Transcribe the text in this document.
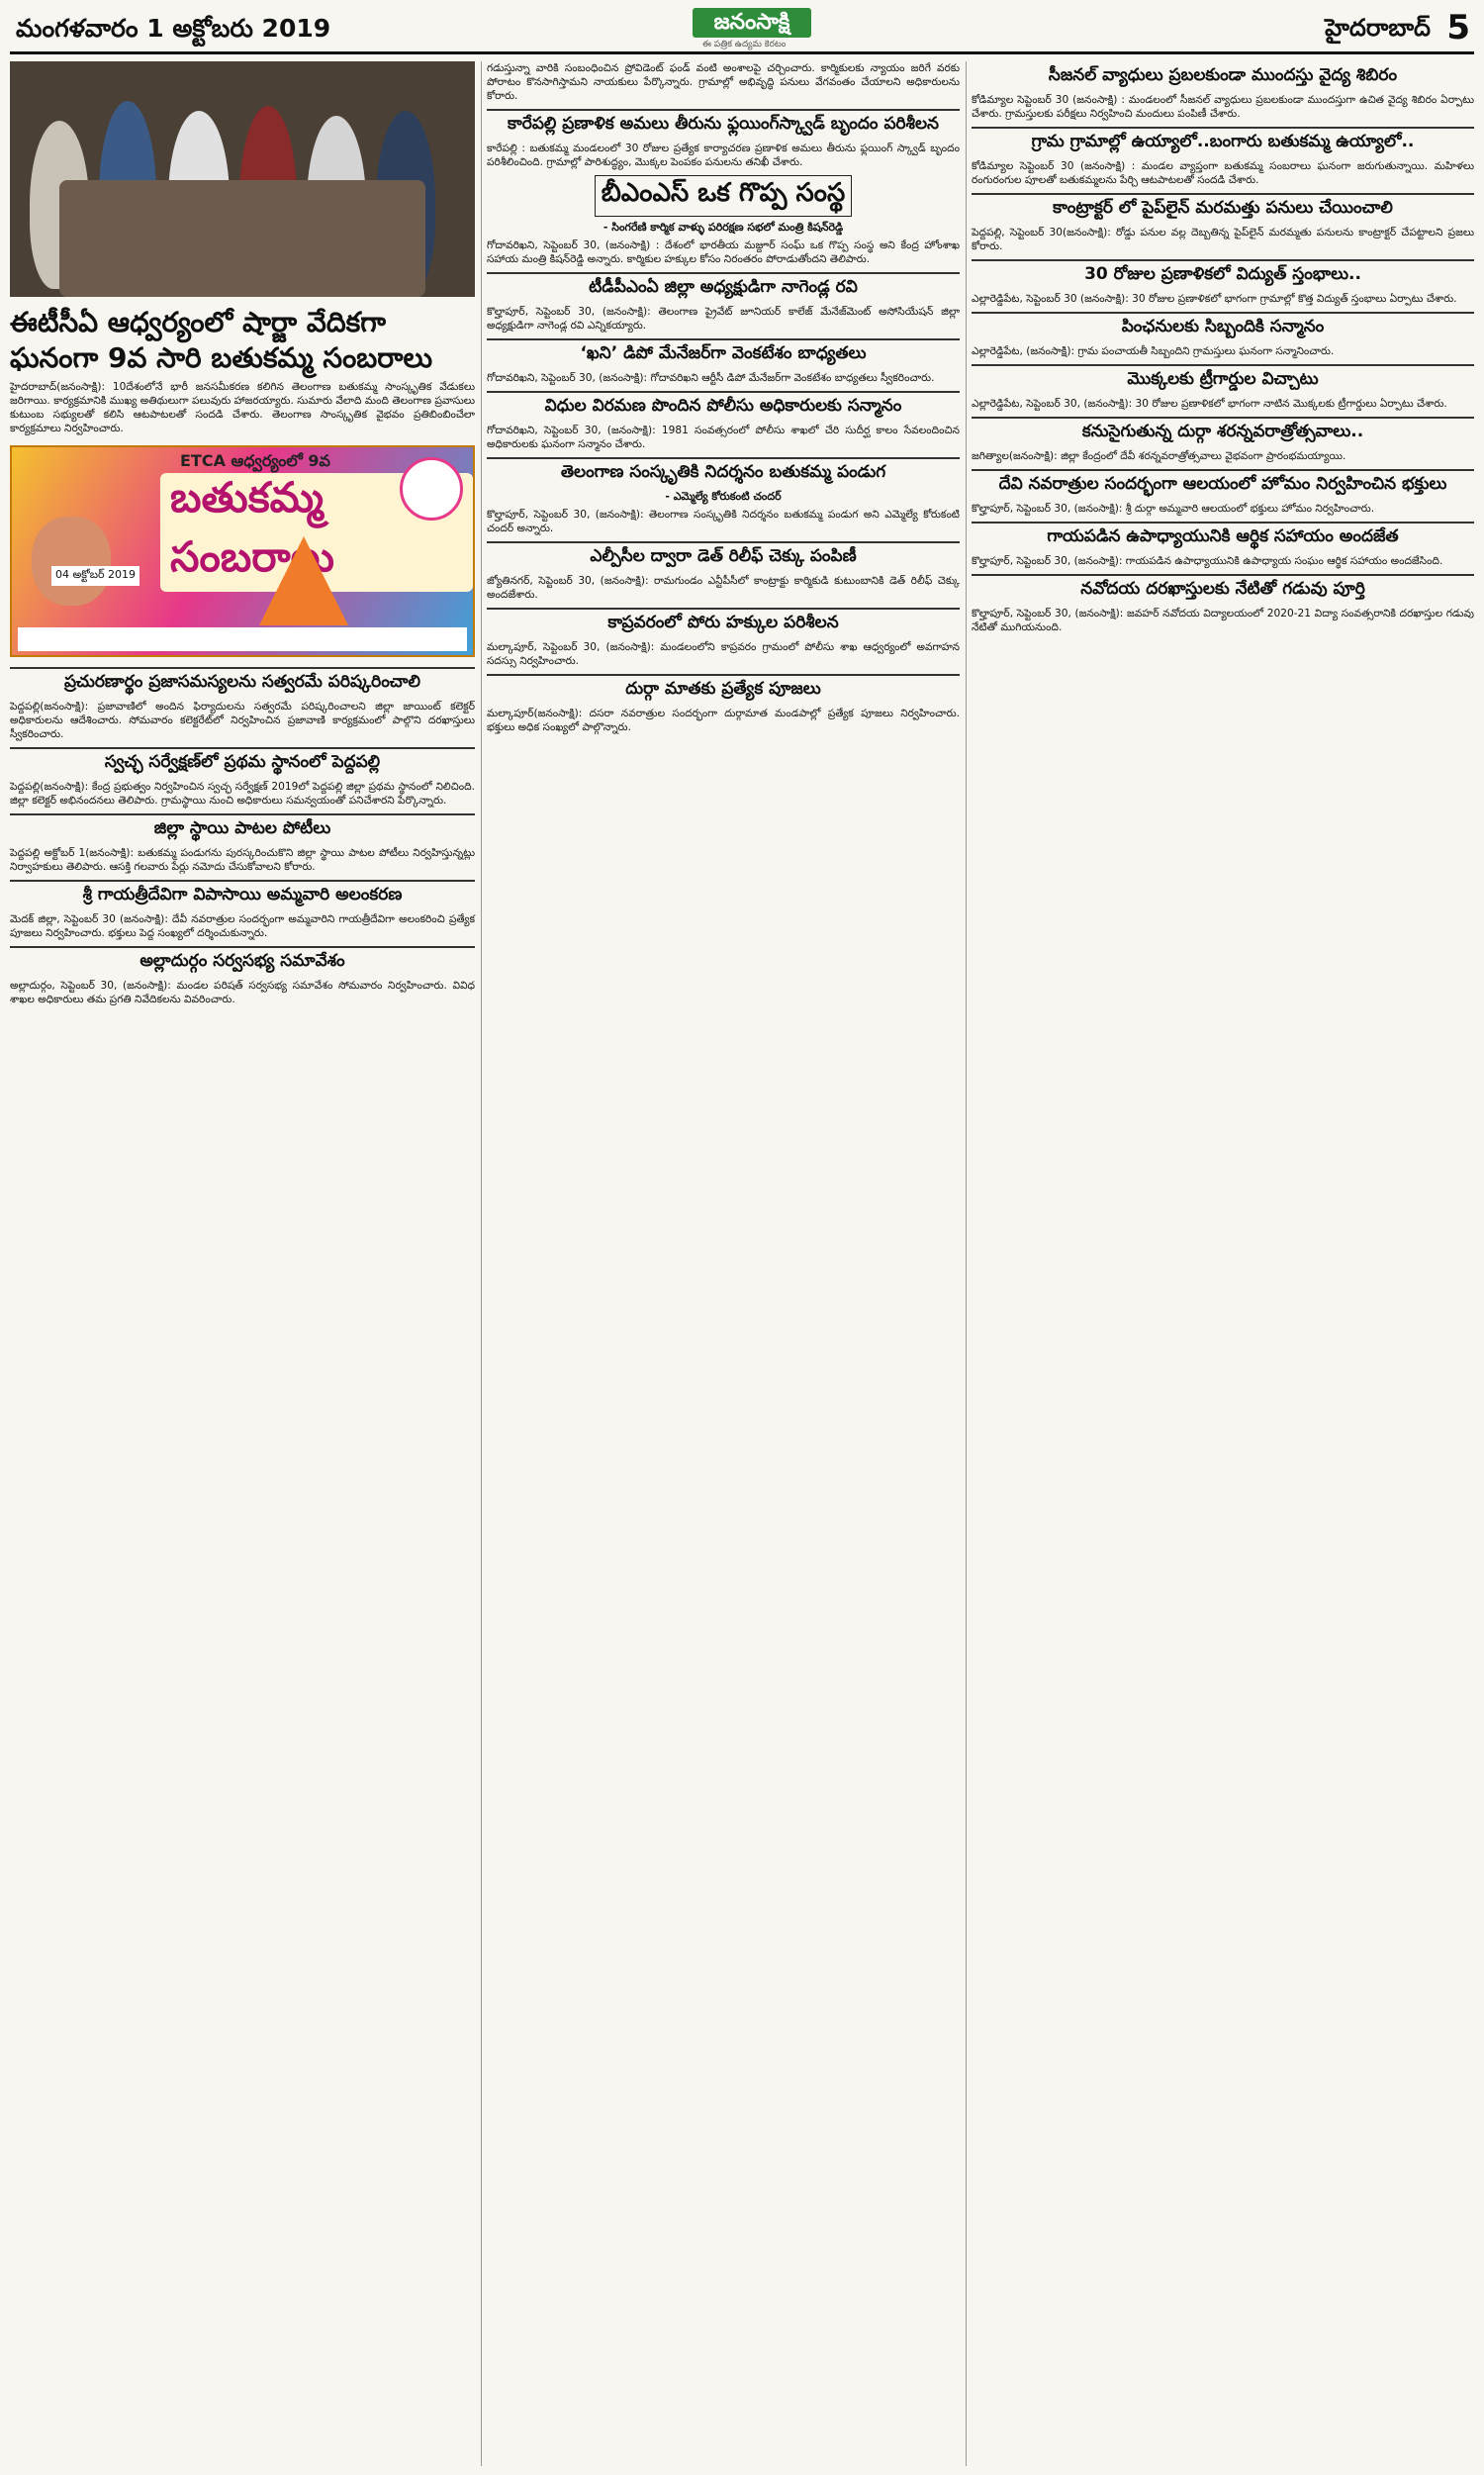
మంగళవారం 1 అక్టోబరు 2019	జనంసాక్షి
ఈ పత్రిక ఉద్యమ కెరటం
హైదరాబాద్ 5

ఈటీసీఏ ఆధ్వర్యంలో షార్జా వేదికగా ఘనంగా 9వ సారి బతుకమ్మ సంబరాలు

హైదరాబాద్(జనంసాక్షి): 10దేశంలోనే భారీ జనసమీకరణ కలిగిన తెలంగాణ బతుకమ్మ సాంస్కృతిక వేడుకలు జరిగాయి. కార్యక్రమానికి ముఖ్య అతిథులుగా పలువురు హాజరయ్యారు. సుమారు వేలాది మంది తెలంగాణ ప్రవాసులు కుటుంబ సభ్యులతో కలిసి ఆటపాటలతో సందడి చేశారు. తెలంగాణ సాంస్కృతిక వైభవం ప్రతిబింబించేలా కార్యక్రమాలు నిర్వహించారు.

ETCA ఆధ్వర్యంలో 9వ
బతుకమ్మ సంబరాలు
04 అక్టోబర్ 2019

ప్రచురణార్థం ప్రజాసమస్యలను సత్వరమే పరిష్కరించాలి

పెద్దపల్లి(జనంసాక్షి): ప్రజావాణిలో అందిన ఫిర్యాదులను సత్వరమే పరిష్కరించాలని జిల్లా జాయింట్ కలెక్టర్ అధికారులను ఆదేశించారు. సోమవారం కలెక్టరేట్‌లో నిర్వహించిన ప్రజావాణి కార్యక్రమంలో పాల్గొని దరఖాస్తులు స్వీకరించారు.

స్వచ్ఛ సర్వేక్షణ్‌లో ప్రథమ స్థానంలో పెద్దపల్లి

పెద్దపల్లి(జనంసాక్షి): కేంద్ర ప్రభుత్వం నిర్వహించిన స్వచ్ఛ సర్వేక్షణ్ 2019లో పెద్దపల్లి జిల్లా ప్రథమ స్థానంలో నిలిచింది. జిల్లా కలెక్టర్ అభినందనలు తెలిపారు. గ్రామస్థాయి నుంచి అధికారులు సమన్వయంతో పనిచేశారని పేర్కొన్నారు.

జిల్లా స్థాయి పాటల పోటీలు

పెద్దపల్లి అక్టోబర్ 1(జనంసాక్షి): బతుకమ్మ పండుగను పురస్కరించుకొని జిల్లా స్థాయి పాటల పోటీలు నిర్వహిస్తున్నట్లు నిర్వాహకులు తెలిపారు. ఆసక్తి గలవారు పేర్లు నమోదు చేసుకోవాలని కోరారు.

శ్రీ గాయత్రీదేవిగా విపాసాయి అమ్మవారి అలంకరణ

మెదక్ జిల్లా, సెప్టెంబర్ 30 (జనంసాక్షి): దేవీ నవరాత్రుల సందర్భంగా అమ్మవారిని గాయత్రీదేవిగా అలంకరించి ప్రత్యేక పూజలు నిర్వహించారు. భక్తులు పెద్ద సంఖ్యలో దర్శించుకున్నారు.

అల్లాదుర్గం సర్వసభ్య సమావేశం

అల్లాదుర్గం, సెప్టెంబర్ 30, (జనంసాక్షి): మండల పరిషత్ సర్వసభ్య సమావేశం సోమవారం నిర్వహించారు. వివిధ శాఖల అధికారులు తమ ప్రగతి నివేదికలను వివరించారు.

గడుస్తున్నా వారికి సంబంధించిన ప్రోవిడెంట్ ఫండ్ వంటి అంశాలపై చర్చించారు. కార్మికులకు న్యాయం జరిగే వరకు పోరాటం కొనసాగిస్తామని నాయకులు పేర్కొన్నారు. గ్రామాల్లో అభివృద్ధి పనులు వేగవంతం చేయాలని అధికారులను కోరారు.

కారేపల్లి ప్రణాళిక అమలు తీరును ఫ్లయింగ్‌స్క్వాడ్ బృందం పరిశీలన

కారేపల్లి : బతుకమ్మ మండలంలో 30 రోజుల ప్రత్యేక కార్యాచరణ ప్రణాళిక అమలు తీరును ఫ్లయింగ్ స్క్వాడ్ బృందం పరిశీలించింది. గ్రామాల్లో పారిశుద్ధ్యం, మొక్కల పెంపకం పనులను తనిఖీ చేశారు.

బీఎంఎస్ ఒక గొప్ప సంస్థ

- సింగరేణి కార్మిక వాళ్ళు పరిరక్షణ సభలో మంత్రి కిషన్‌రెడ్డి

గోదావరిఖని, సెప్టెంబర్ 30, (జనంసాక్షి) : దేశంలో భారతీయ మజ్దూర్ సంఘ్ ఒక గొప్ప సంస్థ అని కేంద్ర హోంశాఖ సహాయ మంత్రి కిషన్‌రెడ్డి అన్నారు. కార్మికుల హక్కుల కోసం నిరంతరం పోరాడుతోందని తెలిపారు.

టీడీపీఎంఏ జిల్లా అధ్యక్షుడిగా నాగెండ్ల రవి

కొల్హాపూర్, సెప్టెంబర్ 30, (జనంసాక్షి): తెలంగాణ ప్రైవేట్ జూనియర్ కాలేజ్ మేనేజ్‌మెంట్ అసోసియేషన్ జిల్లా అధ్యక్షుడిగా నాగెండ్ల రవి ఎన్నికయ్యారు.

‘ఖని’ డిపో మేనేజర్‌గా వెంకటేశం బాధ్యతలు

గోదావరిఖని, సెప్టెంబర్ 30, (జనంసాక్షి): గోదావరిఖని ఆర్టీసీ డిపో మేనేజర్‌గా వెంకటేశం బాధ్యతలు స్వీకరించారు.

విధుల విరమణ పొందిన పోలీసు అధికారులకు సన్మానం

గోదావరిఖని, సెప్టెంబర్ 30, (జనంసాక్షి): 1981 సంవత్సరంలో పోలీసు శాఖలో చేరి సుదీర్ఘ కాలం సేవలందించిన అధికారులకు ఘనంగా సన్మానం చేశారు.

తెలంగాణ సంస్కృతికి నిదర్శనం బతుకమ్మ పండుగ

- ఎమ్మెల్యే కోరుకంటి చందర్

కొల్హాపూర్, సెప్టెంబర్ 30, (జనంసాక్షి): తెలంగాణ సంస్కృతికి నిదర్శనం బతుకమ్మ పండుగ అని ఎమ్మెల్యే కోరుకంటి చందర్ అన్నారు.

ఎల్పీసీల ద్వారా డెత్ రిలీఫ్ చెక్కు పంపిణీ

జ్యోతినగర్, సెప్టెంబర్ 30, (జనంసాక్షి): రామగుండం ఎన్టీపీసీలో కాంట్రాక్టు కార్మికుడి కుటుంబానికి డెత్ రిలీఫ్ చెక్కు అందజేశారు.

కాప్రవరంలో పోరు హక్కుల పరిశీలన

మల్కాపూర్, సెప్టెంబర్ 30, (జనంసాక్షి): మండలంలోని కాప్రవరం గ్రామంలో పోలీసు శాఖ ఆధ్వర్యంలో అవగాహన సదస్సు నిర్వహించారు.

దుర్గా మాతకు ప్రత్యేక పూజలు

మల్కాపూర్(జనంసాక్షి): దసరా నవరాత్రుల సందర్భంగా దుర్గామాత మండపాల్లో ప్రత్యేక పూజలు నిర్వహించారు. భక్తులు అధిక సంఖ్యలో పాల్గొన్నారు.

సీజనల్ వ్యాధులు ప్రబలకుండా ముందస్తు వైద్య శిబిరం

కోడిమ్యాల సెప్టెంబర్ 30 (జనంసాక్షి) : మండలంలో సీజనల్ వ్యాధులు ప్రబలకుండా ముందస్తుగా ఉచిత వైద్య శిబిరం ఏర్పాటు చేశారు. గ్రామస్తులకు పరీక్షలు నిర్వహించి మందులు పంపిణీ చేశారు.

గ్రామ గ్రామాల్లో ఉయ్యాలో..బంగారు బతుకమ్మ ఉయ్యాలో..

కోడిమ్యాల సెప్టెంబర్ 30 (జనంసాక్షి) : మండల వ్యాప్తంగా బతుకమ్మ సంబరాలు ఘనంగా జరుగుతున్నాయి. మహిళలు రంగురంగుల పూలతో బతుకమ్మలను పేర్చి ఆటపాటలతో సందడి చేశారు.

కాంట్రాక్టర్ లో పైప్‌లైన్ మరమత్తు పనులు చేయించాలి

పెద్దపల్లి, సెప్టెంబర్ 30(జనంసాక్షి): రోడ్డు పనుల వల్ల దెబ్బతిన్న పైప్‌లైన్ మరమ్మతు పనులను కాంట్రాక్టర్ చేపట్టాలని ప్రజలు కోరారు.

30 రోజుల ప్రణాళికలో విద్యుత్ స్తంభాలు..

ఎల్లారెడ్డిపేట, సెప్టెంబర్ 30 (జనంసాక్షి): 30 రోజుల ప్రణాళికలో భాగంగా గ్రామాల్లో కొత్త విద్యుత్ స్తంభాలు ఏర్పాటు చేశారు.

పింఛనులకు సిబ్బందికి సన్మానం

ఎల్లారెడ్డిపేట, (జనంసాక్షి): గ్రామ పంచాయతీ సిబ్బందిని గ్రామస్తులు ఘనంగా సన్మానించారు.

మొక్కలకు ట్రీగార్డుల విచ్చాటు

ఎల్లారెడ్డిపేట, సెప్టెంబర్ 30, (జనంసాక్షి): 30 రోజుల ప్రణాళికలో భాగంగా నాటిన మొక్కలకు ట్రీగార్డులు ఏర్పాటు చేశారు.

కనుసైగుతున్న దుర్గా శరన్నవరాత్రోత్సవాలు..

జగిత్యాల(జనంసాక్షి): జిల్లా కేంద్రంలో దేవీ శరన్నవరాత్రోత్సవాలు వైభవంగా ప్రారంభమయ్యాయి.

దేవి నవరాత్రుల సందర్భంగా ఆలయంలో హోమం నిర్వహించిన భక్తులు

కొల్హాపూర్, సెప్టెంబర్ 30, (జనంసాక్షి): శ్రీ దుర్గా అమ్మవారి ఆలయంలో భక్తులు హోమం నిర్వహించారు.

గాయపడిన ఉపాధ్యాయునికి ఆర్థిక సహాయం అందజేత

కొల్హాపూర్, సెప్టెంబర్ 30, (జనంసాక్షి): గాయపడిన ఉపాధ్యాయునికి ఉపాధ్యాయ సంఘం ఆర్థిక సహాయం అందజేసింది.

నవోదయ దరఖాస్తులకు నేటితో గడువు పూర్తి

కొల్హాపూర్, సెప్టెంబర్ 30, (జనంసాక్షి): జవహర్ నవోదయ విద్యాలయంలో 2020-21 విద్యా సంవత్సరానికి దరఖాస్తుల గడువు నేటితో ముగియనుంది.
